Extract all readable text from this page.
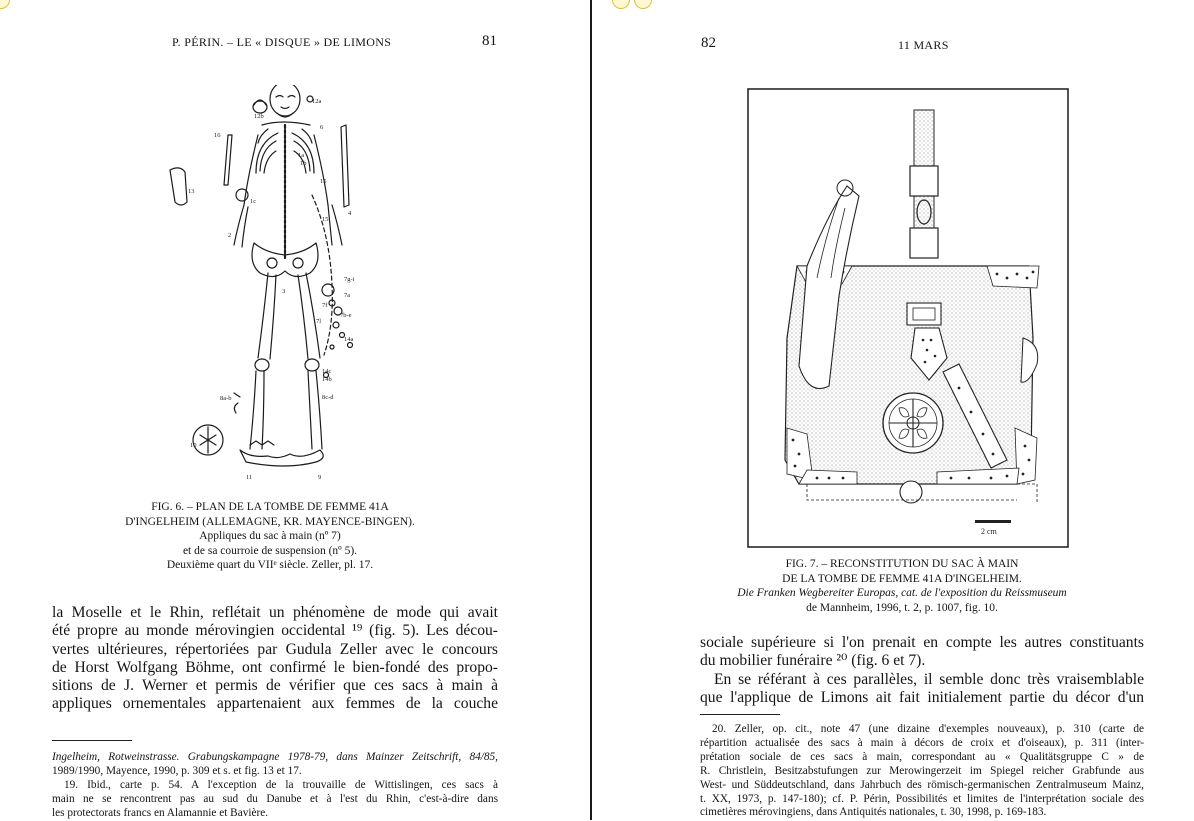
P. PÉRIN. – LE « DISQUE » DE LIMONS	81
12b
12a
6
16
1a
1b
1c
15
15
13
2
4
3
7g-i
7a
7f
7b-e
7l
14a
14c
14b
8a-b	8c-d
10
11	9
FIG. 6. – PLAN DE LA TOMBE DE FEMME 41A
D'INGELHEIM (ALLEMAGNE, KR. MAYENCE-BINGEN).
Appliques du sac à main (nº 7)
et de sa courroie de suspension (nº 5).
Deuxième quart du VIIᵉ siècle. Zeller, pl. 17.
la Moselle et le Rhin, reflétait un phénomène de mode qui avait
été propre au monde mérovingien occidental ¹⁹ (fig. 5). Les décou-
vertes ultérieures, répertoriées par Gudula Zeller avec le concours
de Horst Wolfgang Böhme, ont confirmé le bien-fondé des propo-
sitions de J. Werner et permis de vérifier que ces sacs à main à
appliques ornementales appartenaient aux femmes de la couche
Ingelheim, Rotweinstrasse. Grabungskampagne 1978-79, dans Mainzer Zeitschrift, 84/85,
1989/1990, Mayence, 1990, p. 309 et s. et fig. 13 et 17.
19. Ibid., carte p. 54. A l'exception de la trouvaille de Wittislingen, ces sacs à
main ne se rencontrent pas au sud du Danube et à l'est du Rhin, c'est-à-dire dans
les protectorats francs en Alamannie et Bavière.
82	11 MARS
2 cm
FIG. 7. – RECONSTITUTION DU SAC À MAIN
DE LA TOMBE DE FEMME 41A D'INGELHEIM.
Die Franken Wegbereiter Europas, cat. de l'exposition du Reissmuseum
de Mannheim, 1996, t. 2, p. 1007, fig. 10.
sociale supérieure si l'on prenait en compte les autres constituants
du mobilier funéraire ²⁰ (fig. 6 et 7).
En se référant à ces parallèles, il semble donc très vraisemblable
que l'applique de Limons ait fait initialement partie du décor d'un
20. Zeller, op. cit., note 47 (une dizaine d'exemples nouveaux), p. 310 (carte de
répartition actualisée des sacs à main à décors de croix et d'oiseaux), p. 311 (inter-
prétation sociale de ces sacs à main, correspondant au « Qualitätsgruppe C » de
R. Christlein, Besitzabstufungen zur Merowingerzeit im Spiegel reicher Grabfunde aus
West- und Süddeutschland, dans Jahrbuch des römisch-germanischen Zentralmuseum Mainz,
t. XX, 1973, p. 147-180); cf. P. Périn, Possibilités et limites de l'interprétation sociale des
cimetières mérovingiens, dans Antiquités nationales, t. 30, 1998, p. 169-183.
